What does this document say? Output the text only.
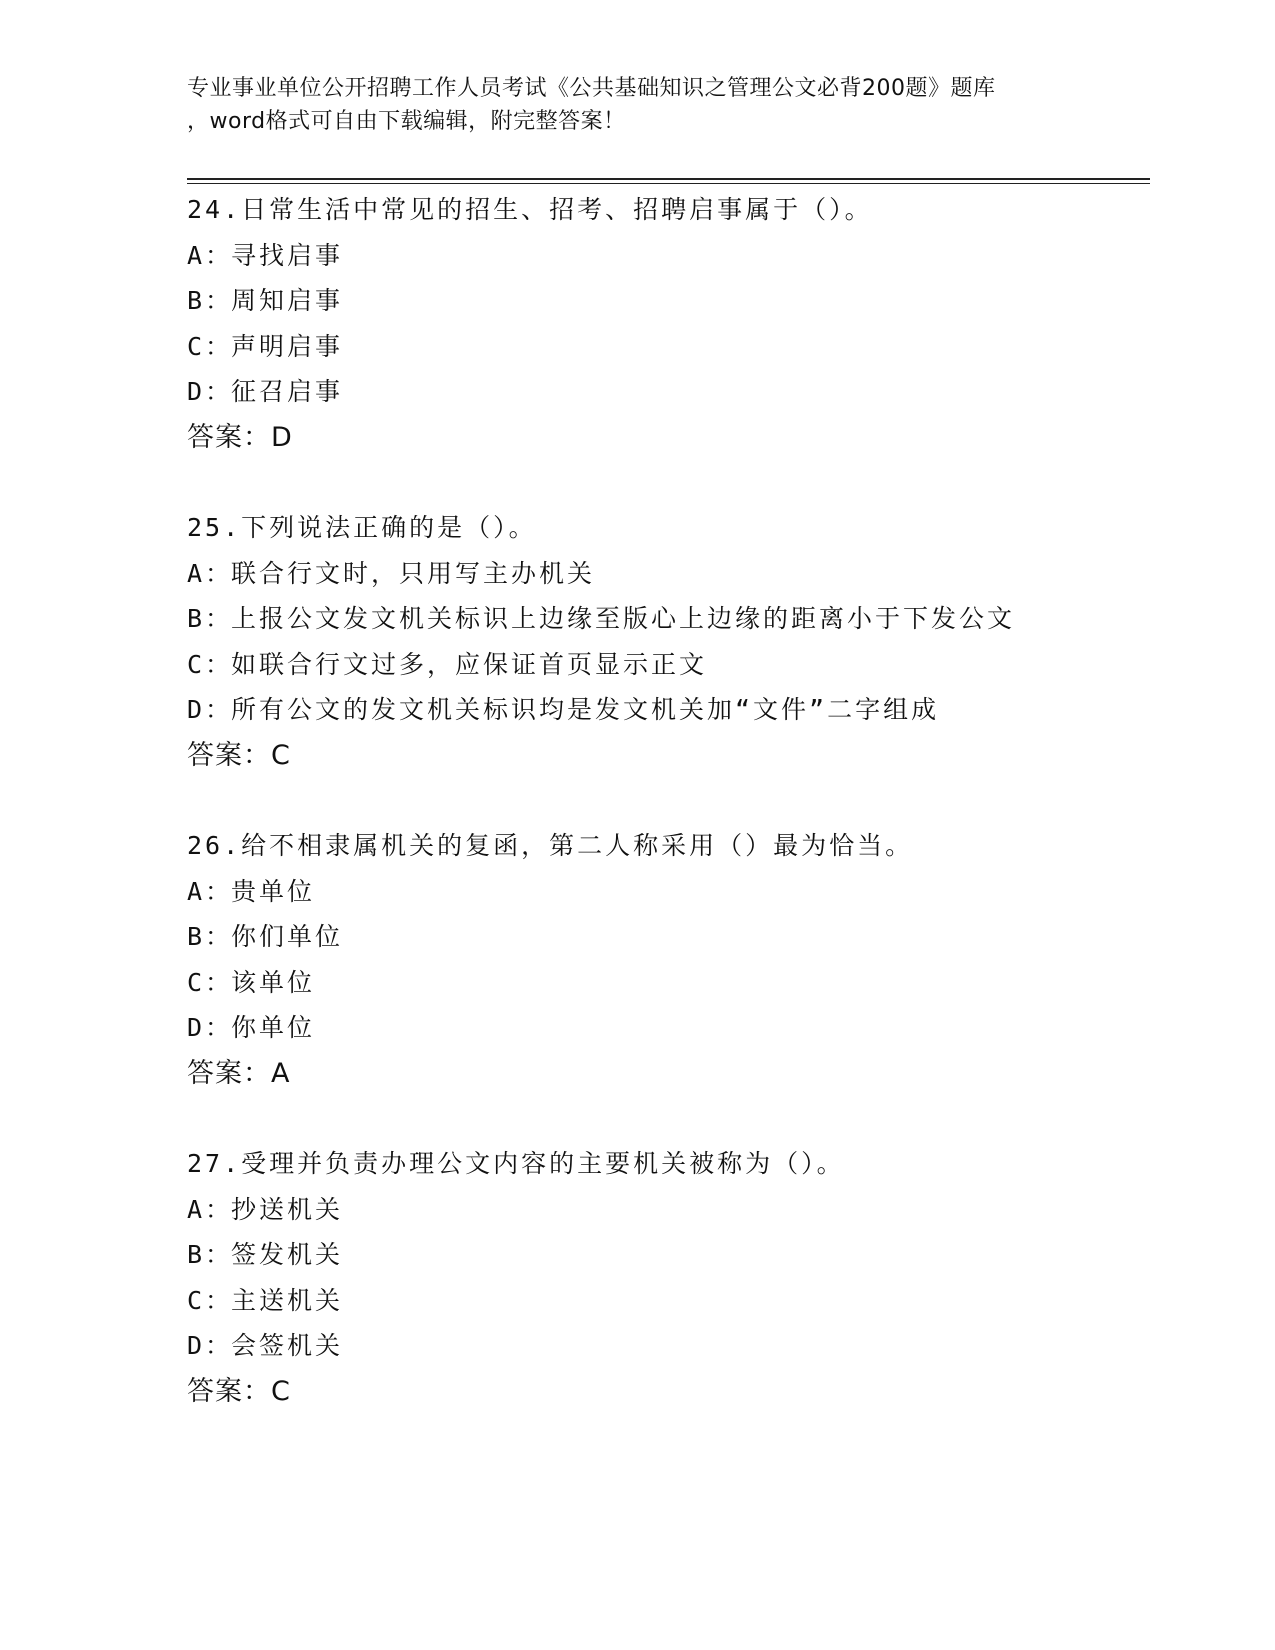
专业事业单位公开招聘工作人员考试《公共基础知识之管理公文必背200题》题库
，word格式可自由下载编辑，附完整答案！
24.日常生活中常见的招生、招考、招聘启事属于（）。
A：寻找启事
B：周知启事
C：声明启事
D：征召启事
答案：D
25.下列说法正确的是（）。
A：联合行文时，只用写主办机关
B：上报公文发文机关标识上边缘至版心上边缘的距离小于下发公文
C：如联合行文过多，应保证首页显示正文
D：所有公文的发文机关标识均是发文机关加“文件”二字组成
答案：C
26.给不相隶属机关的复函，第二人称采用（）最为恰当。
A：贵单位
B：你们单位
C：该单位
D：你单位
答案：A
27.受理并负责办理公文内容的主要机关被称为（）。
A：抄送机关
B：签发机关
C：主送机关
D：会签机关
答案：C
